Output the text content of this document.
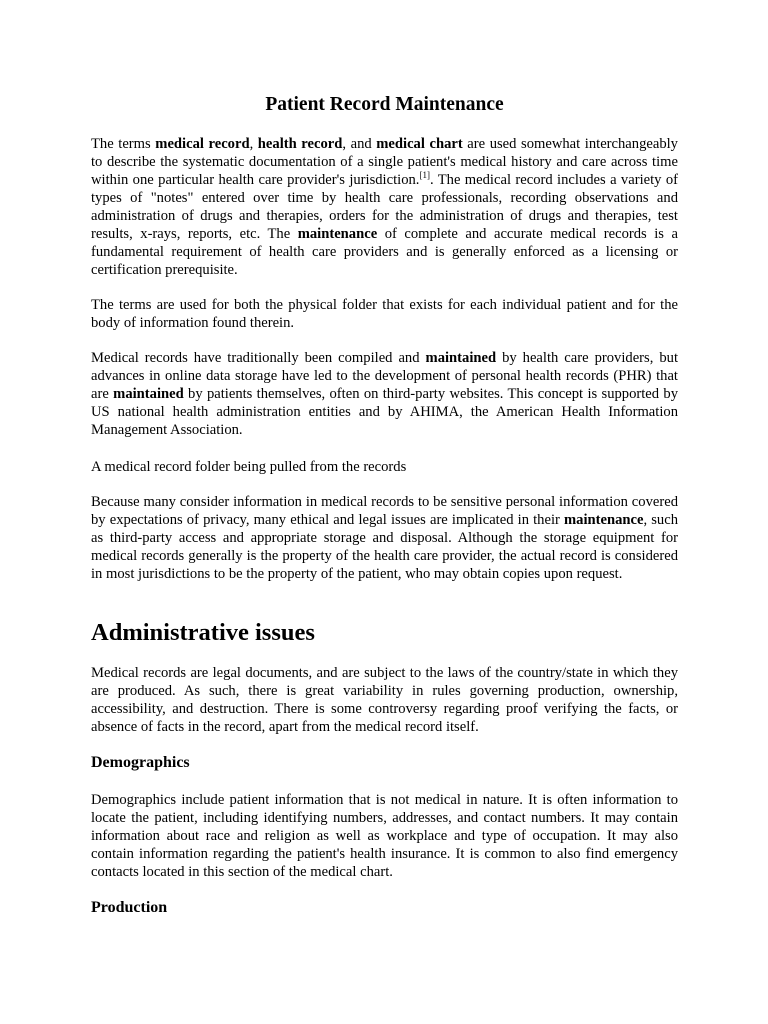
Patient Record Maintenance

The terms medical record, health record, and medical chart are used somewhat interchangeably to describe the systematic documentation of a single patient's medical history and care across time within one particular health care provider's jurisdiction.[1]. The medical record includes a variety of types of "notes" entered over time by health care professionals, recording observations and administration of drugs and therapies, orders for the administration of drugs and therapies, test results, x-rays, reports, etc. The maintenance of complete and accurate medical records is a fundamental requirement of health care providers and is generally enforced as a licensing or certification prerequisite.

The terms are used for both the physical folder that exists for each individual patient and for the body of information found therein.

Medical records have traditionally been compiled and maintained by health care providers, but advances in online data storage have led to the development of personal health records (PHR) that are maintained by patients themselves, often on third-party websites. This concept is supported by US national health administration entities and by AHIMA, the American Health Information Management Association.

A medical record folder being pulled from the records

Because many consider information in medical records to be sensitive personal information covered by expectations of privacy, many ethical and legal issues are implicated in their maintenance, such as third-party access and appropriate storage and disposal. Although the storage equipment for medical records generally is the property of the health care provider, the actual record is considered in most jurisdictions to be the property of the patient, who may obtain copies upon request.

Administrative issues

Medical records are legal documents, and are subject to the laws of the country/state in which they are produced. As such, there is great variability in rules governing production, ownership, accessibility, and destruction. There is some controversy regarding proof verifying the facts, or absence of facts in the record, apart from the medical record itself.

Demographics

Demographics include patient information that is not medical in nature. It is often information to locate the patient, including identifying numbers, addresses, and contact numbers. It may contain information about race and religion as well as workplace and type of occupation. It may also contain information regarding the patient's health insurance. It is common to also find emergency contacts located in this section of the medical chart.

Production
